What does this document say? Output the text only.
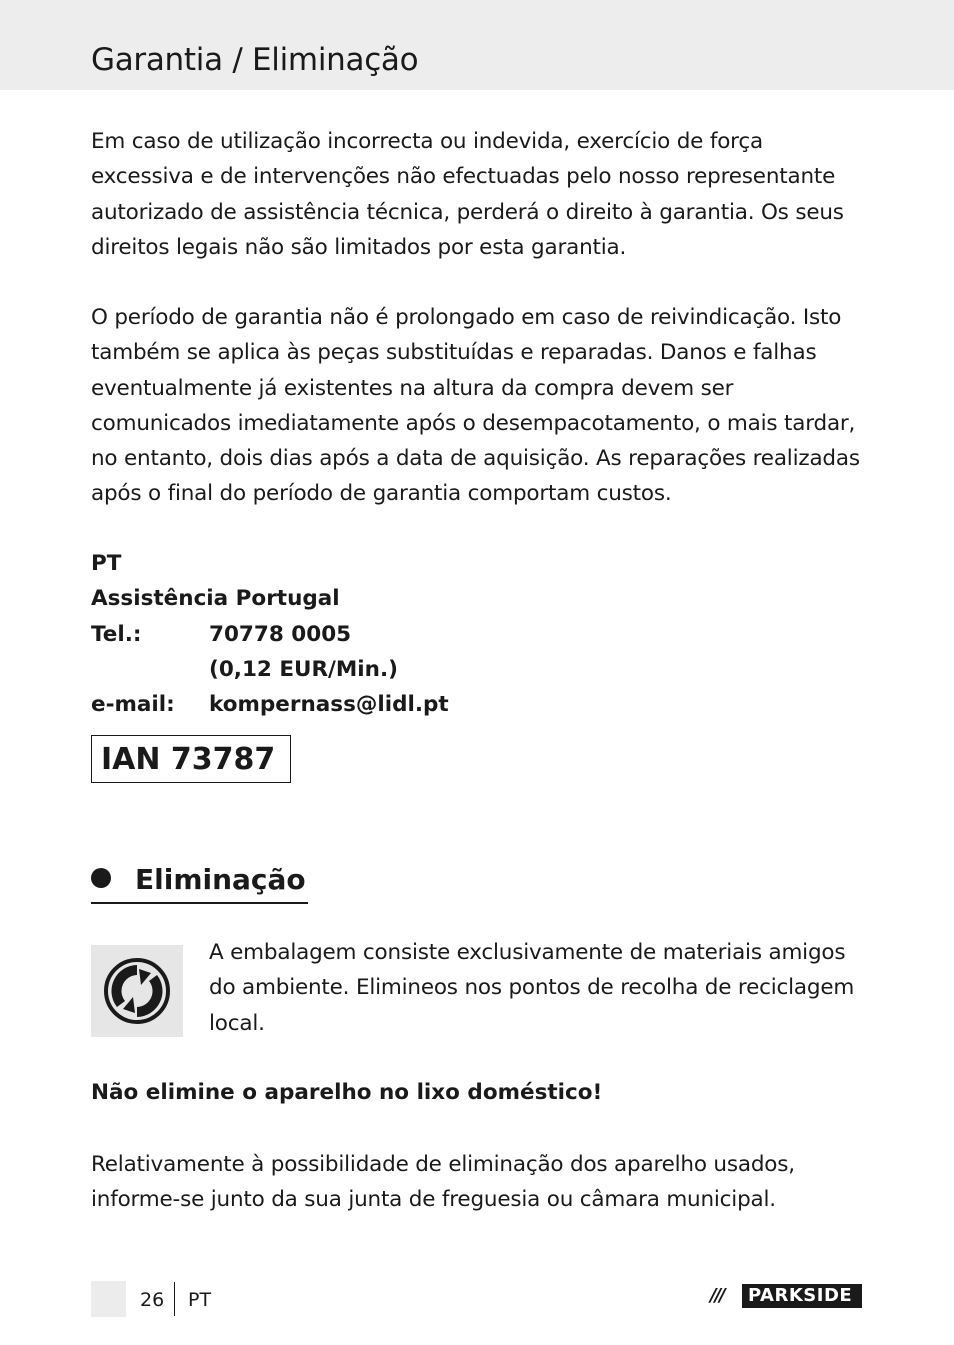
Garantia / Eliminação

Em caso de utilização incorrecta ou indevida, exercício de força excessiva e de intervenções não efectuadas pelo nosso representante autorizado de assistência técnica, perderá o direito à garantia. Os seus direitos legais não são limitados por esta garantia.

O período de garantia não é prolongado em caso de reivindicação. Isto também se aplica às peças substituídas e reparadas. Danos e falhas eventualmente já existentes na altura da compra devem ser comunicados imediatamente após o desempacotamento, o mais tardar, no entanto, dois dias após a data de aquisição. As reparações realizadas após o final do período de garantia comportam custos.

PT
Assistência Portugal
Tel.:	70778 0005
(0,12 EUR/Min.)
e-mail: kompernass@lidl.pt
IAN 73787
Eliminação

A embalagem consiste exclusivamente de materiais amigos do ambiente. Elimineos nos pontos de recolha de reciclagem local.

Não elimine o aparelho no lixo doméstico!

Relativamente à possibilidade de eliminação dos aparelho usados, informe-se junto da sua junta de freguesia ou câmara municipal.

26 PT	/// PARKSIDE
